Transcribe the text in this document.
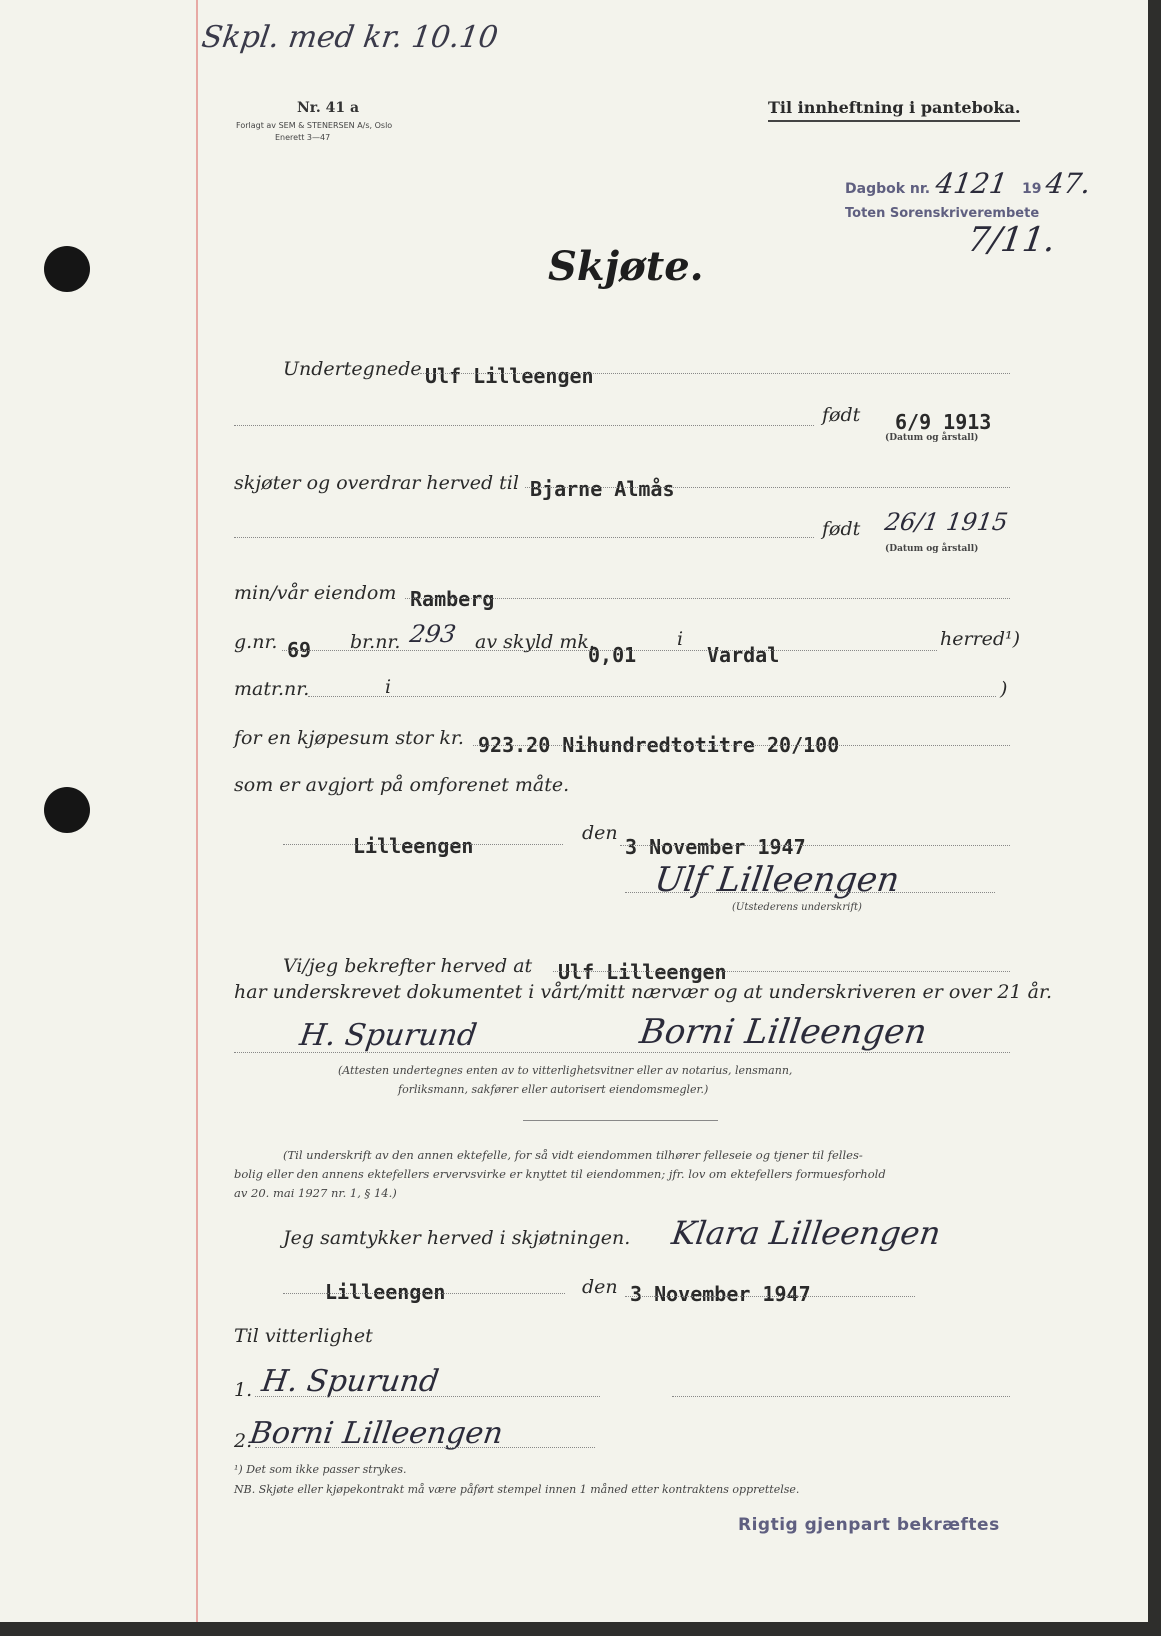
Skpl. med kr. 10.10
Nr. 41 a
Forlagt av SEM & STENERSEN A/s, Oslo
Enerett 3—47
Til innheftning i panteboka.
Dagbok nr. 4121 19 47.
Toten Sorenskriverembete
7/11.
Skjøte.
Undertegnede Ulf Lilleengen
født 6/9 1913
(Datum og årstall)
skjøter og overdrar herved til Bjarne Almås
født 26/1 1915
(Datum og årstall)
min/vår eiendom Ramberg
g.nr. 69 br.nr. 293 av skyld mk.
0,01
i
Vardal
herred¹)
matr.nr.	i	)
for en kjøpesum stor kr. 923.20 Nihundredtotitre 20/100
som er avgjort på omforenet måte.
Lilleengen
den
3 November 1947
Ulf Lilleengen
(Utstederens underskrift)
Vi/jeg bekrefter herved at Ulf Lilleengen
har underskrevet dokumentet i vårt/mitt nærvær og at underskriveren er over 21 år.
H. Spurund	Borni Lilleengen
(Attesten undertegnes enten av to vitterlighetsvitner eller av notarius, lensmann,
forliksmann, sakfører eller autorisert eiendomsmegler.)
(Til underskrift av den annen ektefelle, for så vidt eiendommen tilhører felleseie og tjener til felles-
bolig eller den annens ektefellers ervervsvirke er knyttet til eiendommen; jfr. lov om ektefellers formuesforhold
av 20. mai 1927 nr. 1, § 14.)
Jeg samtykker herved i skjøtningen. Klara Lilleengen
Lilleengen	den 3 November 1947
Til vitterlighet
1. H. Spurund
2.
Borni Lilleengen
¹) Det som ikke passer strykes.
NB. Skjøte eller kjøpekontrakt må være påført stempel innen 1 måned etter kontraktens opprettelse.
Rigtig gjenpart bekræftes
